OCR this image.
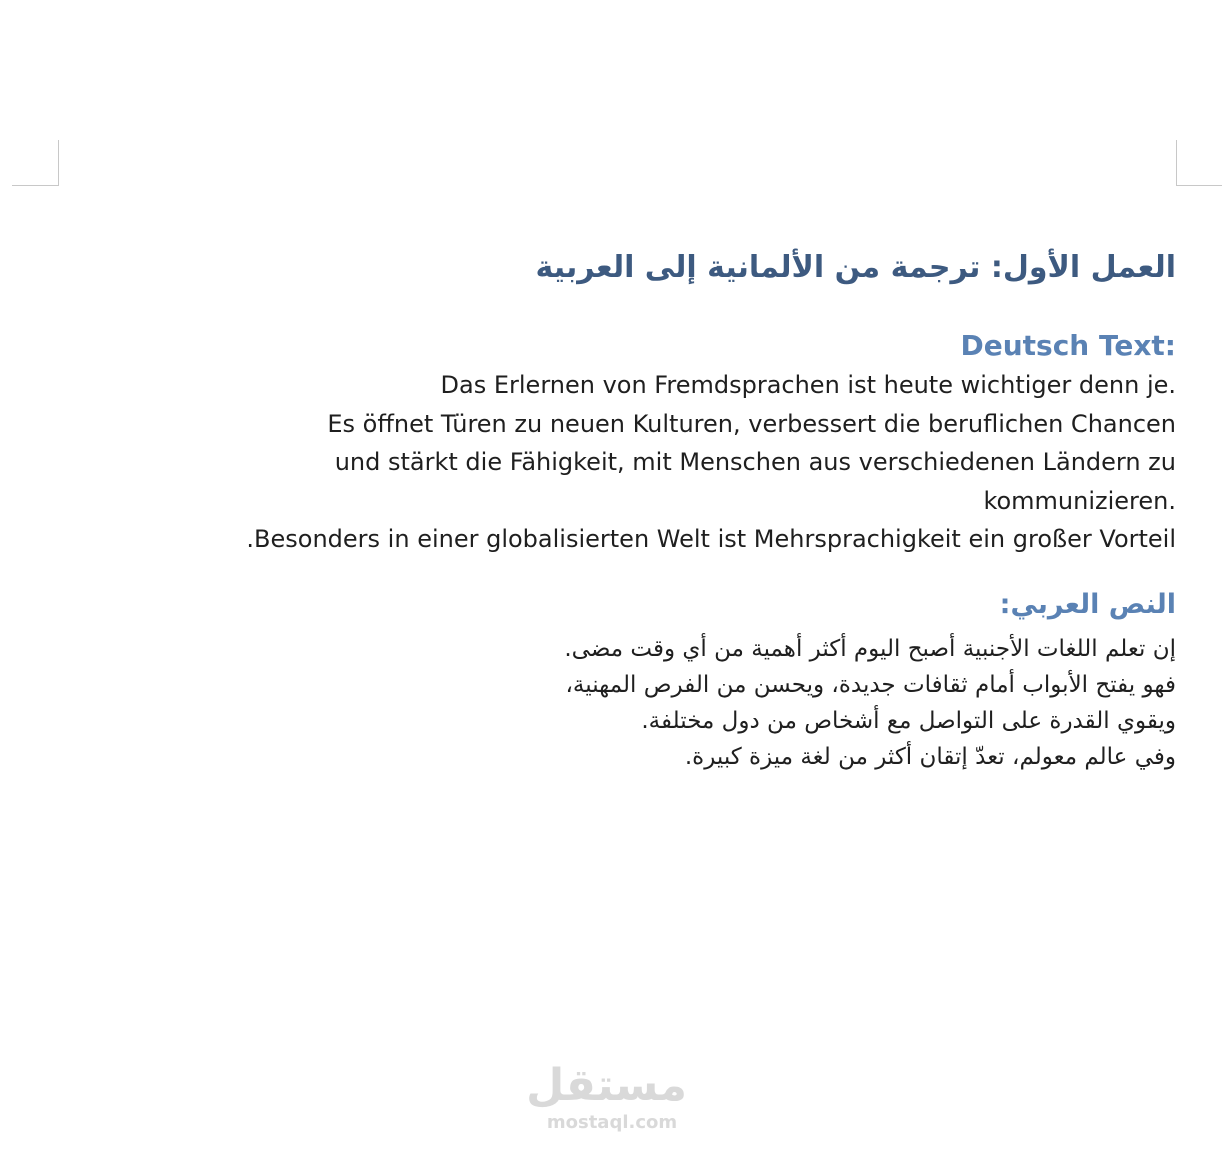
العمل الأول: ترجمة من الألمانية إلى العربية
Deutsch Text:

Das Erlernen von Fremdsprachen ist heute wichtiger denn je.
Es öffnet Türen zu neuen Kulturen, verbessert die beruflichen Chancen
und stärkt die Fähigkeit, mit Menschen aus verschiedenen Ländern zu
kommunizieren.
.Besonders in einer globalisierten Welt ist Mehrsprachigkeit ein großer Vorteil

النص العربي:

إن تعلم اللغات الأجنبية أصبح اليوم أكثر أهمية من أي وقت مضى.
فهو يفتح الأبواب أمام ثقافات جديدة، ويحسن من الفرص المهنية،
ويقوي القدرة على التواصل مع أشخاص من دول مختلفة.
وفي عالم معولم، تعدّ إتقان أكثر من لغة ميزة كبيرة.

مستقل
mostaql.com
